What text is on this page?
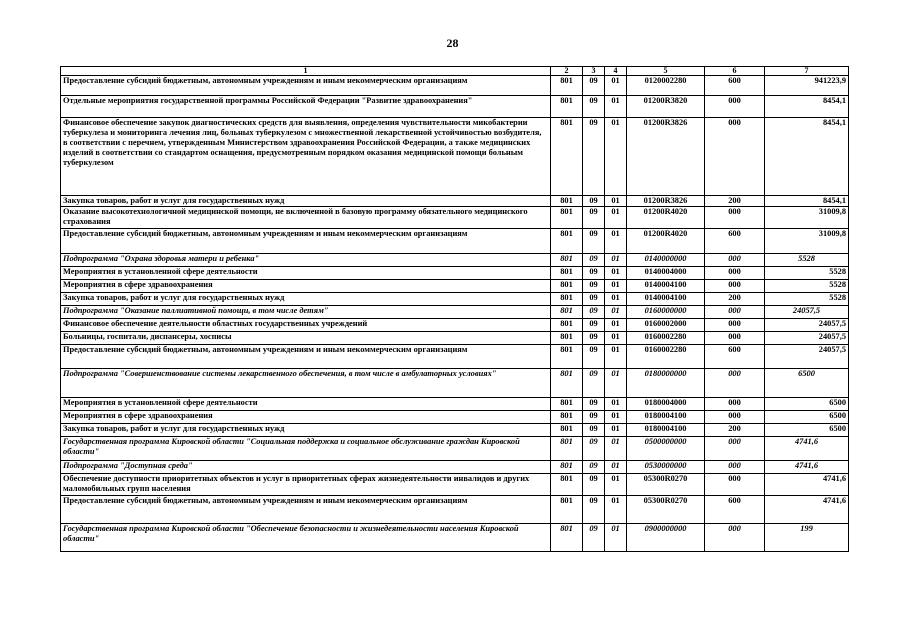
28
1	2	3	4	5	6	7
Предоставление субсидий бюджетным, автономным учреждениям и иным некоммерческим организациям	801	09	01	0120002280	600	941223,9
Отдельные мероприятия государственной программы Российской Федерации "Развитие здравоохранения"	801	09	01	01200R3820	000	8454,1
Финансовое обеспечение закупок диагностических средств для выявления, определения чувствительности микобактерии туберкулеза и мониторинга лечения лиц, больных туберкулезом с множественной лекарственной устойчивостью возбудителя, в соответствии с перечнем, утвержденным Министерством здравоохранения Российской Федерации, а также медицинских изделий в соответствии со стандартом оснащения, предусмотренным порядком оказания медицинской помощи больным туберкулезом	801	09	01	01200R3826	000	8454,1
Закупка товаров, работ и услуг для государственных нужд	801	09	01	01200R3826	200	8454,1
Оказание высокотехнологичной медицинской помощи, не включенной в базовую программу обязательного медицинского страхования	801	09	01	01200R4020	000	31009,8
Предоставление субсидий бюджетным, автономным учреждениям и иным некоммерческим организациям	801	09	01	01200R4020	600	31009,8
Подпрограмма "Охрана здоровья матери и ребенка"	801	09	01	0140000000	000	5528
Мероприятия в установленной сфере деятельности	801	09	01	0140004000	000	5528
Мероприятия в сфере здравоохранения	801	09	01	0140004100	000	5528
Закупка товаров, работ и услуг для государственных нужд	801	09	01	0140004100	200	5528
Подпрограмма "Оказание паллиативной помощи, в том числе детям"	801	09	01	0160000000	000	24057,5
Финансовое обеспечение деятельности областных государственных учреждений	801	09	01	0160002000	000	24057,5
Больницы, госпитали, диспансеры, хосписы	801	09	01	0160002280	000	24057,5
Предоставление субсидий бюджетным, автономным учреждениям и иным некоммерческим организациям	801	09	01	0160002280	600	24057,5
Подпрограмма "Совершенствование системы лекарственного обеспечения, в том числе в амбулаторных условиях"	801	09	01	0180000000	000	6500
Мероприятия в установленной сфере деятельности	801	09	01	0180004000	000	6500
Мероприятия в сфере здравоохранения	801	09	01	0180004100	000	6500
Закупка товаров, работ и услуг для государственных нужд	801	09	01	0180004100	200	6500
Государственная программа Кировской области "Социальная поддержка и социальное обслуживание граждан Кировской области"	801	09	01	0500000000	000	4741,6
Подпрограмма "Доступная среда"	801	09	01	0530000000	000	4741,6
Обеспечение доступности приоритетных объектов и услуг в приоритетных сферах жизнедеятельности инвалидов и других маломобильных групп населения	801	09	01	05300R0270	000	4741,6
Предоставление субсидий бюджетным, автономным учреждениям и иным некоммерческим организациям	801	09	01	05300R0270	600	4741,6
Государственная программа Кировской области "Обеспечение безопасности и жизнедеятельности населения Кировской области"	801	09	01	0900000000	000	199
